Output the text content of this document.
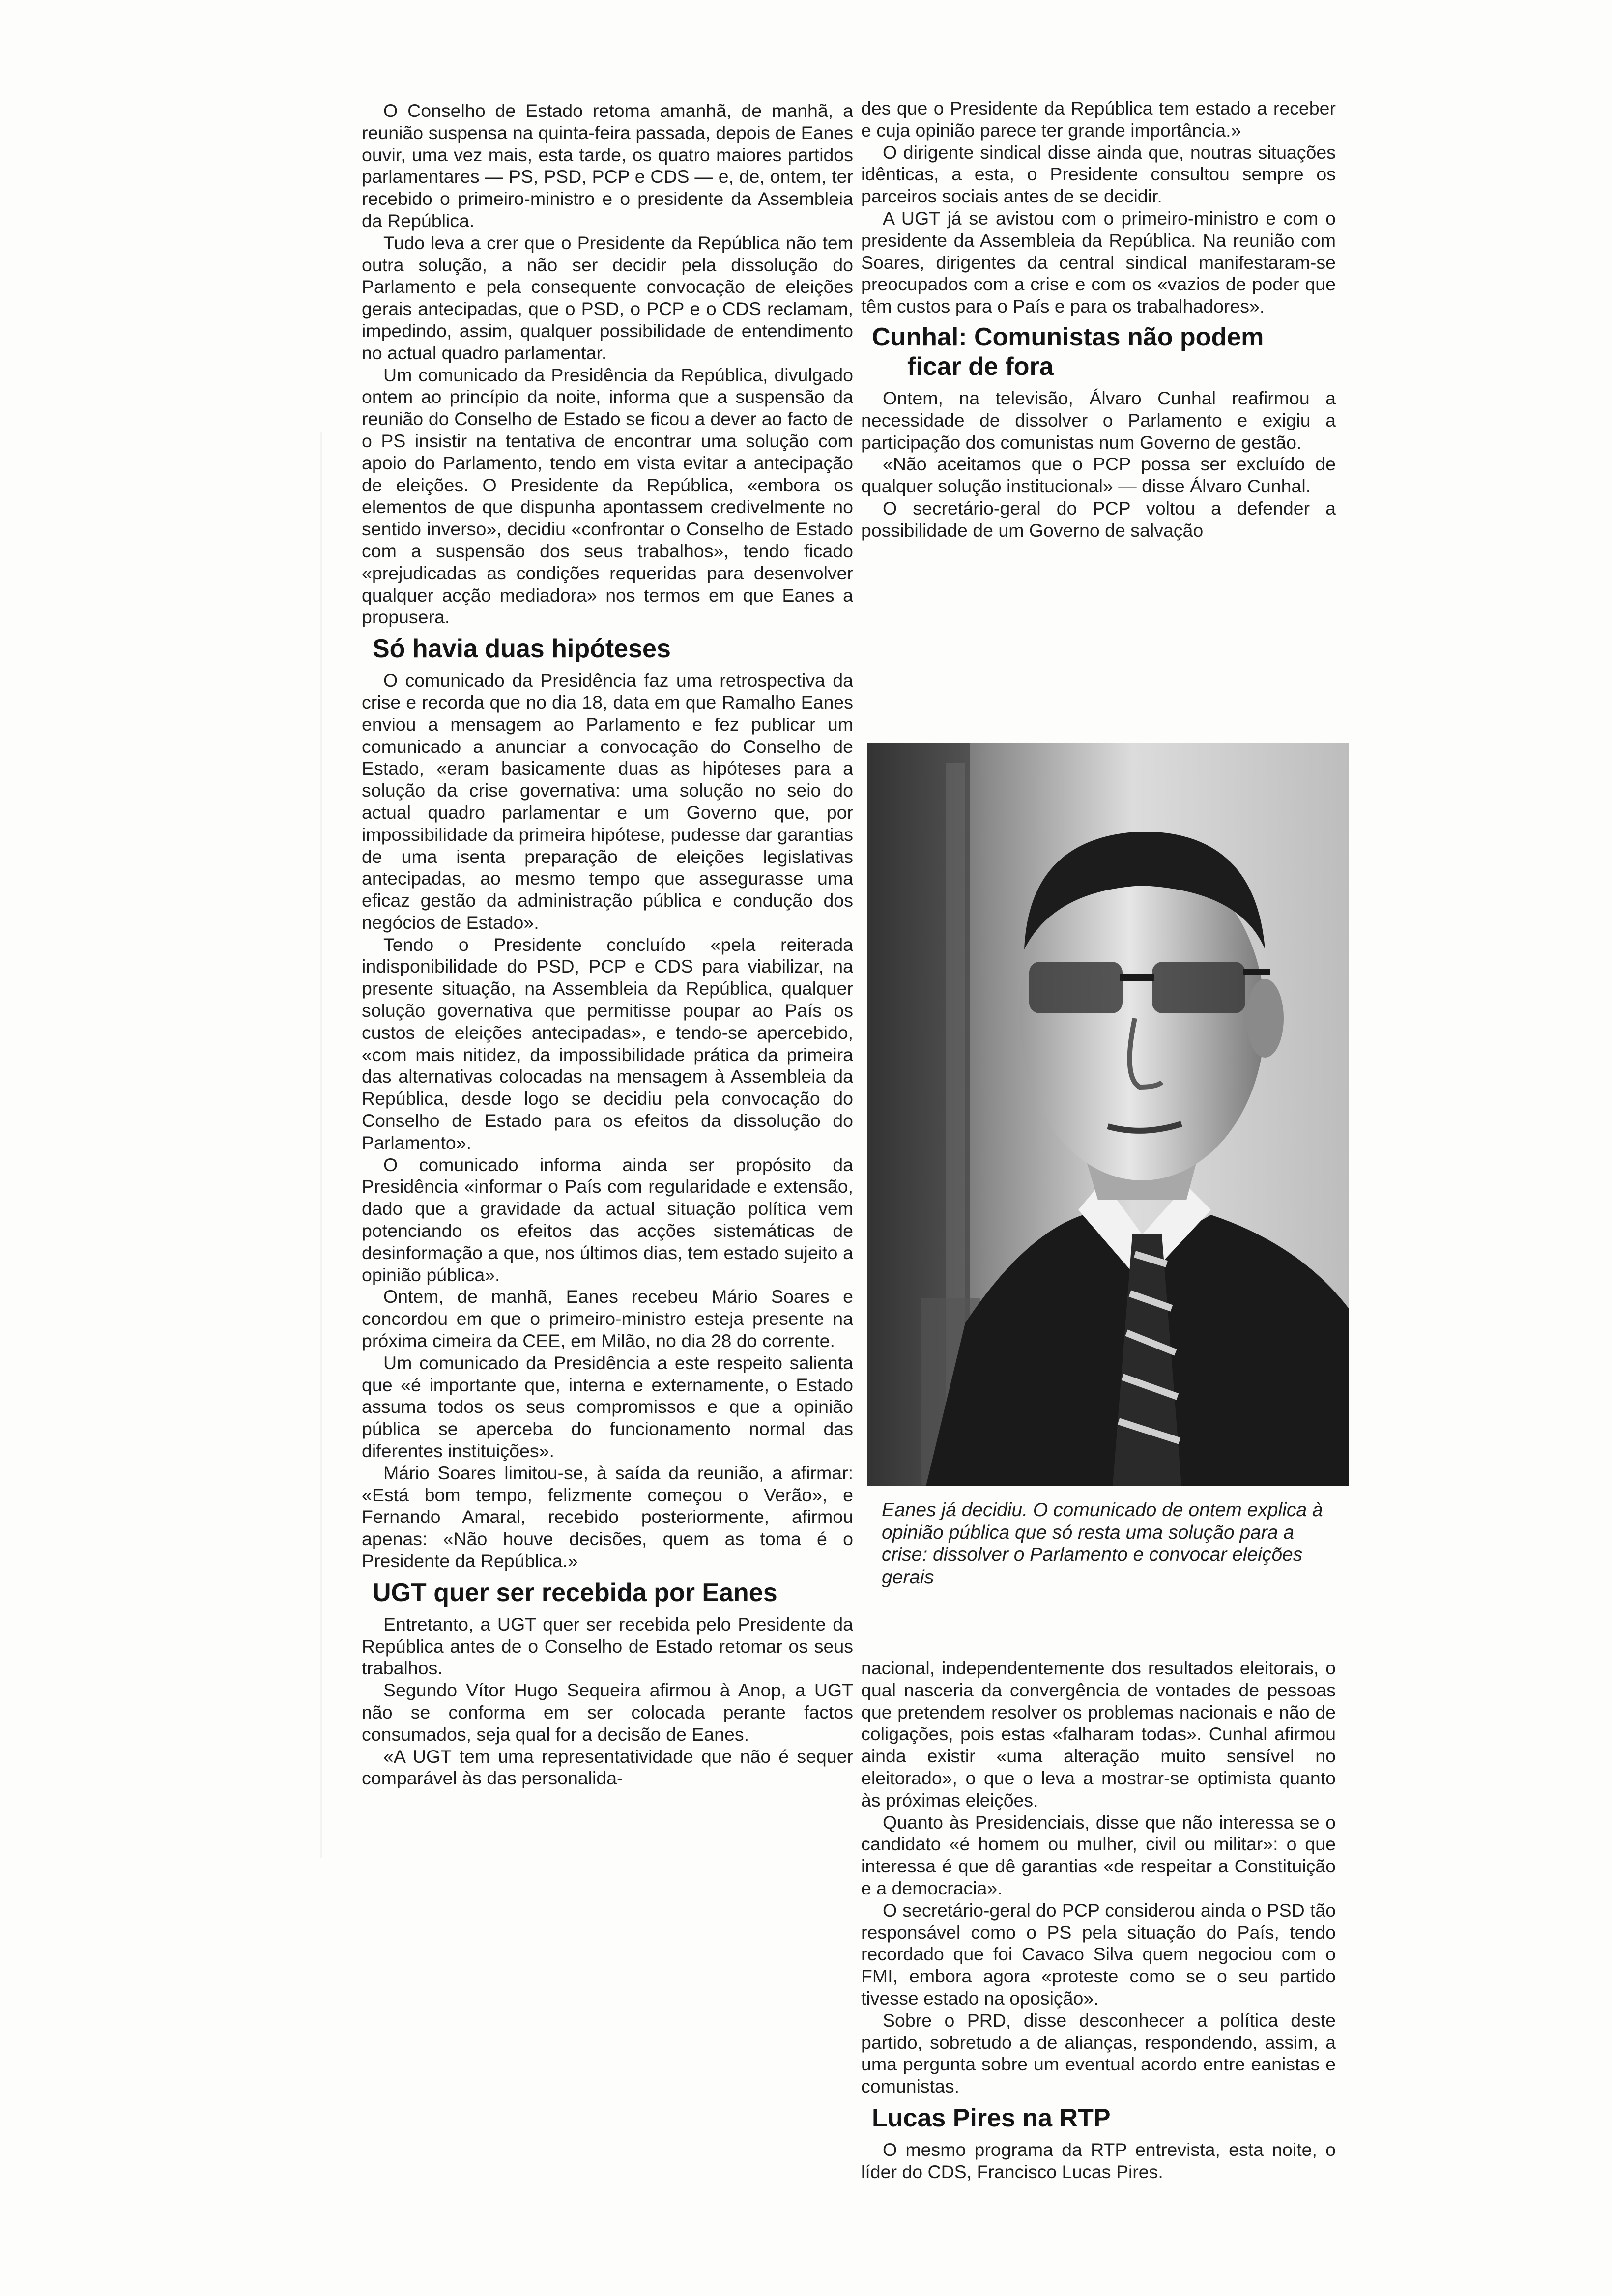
O Conselho de Estado retoma amanhã, de manhã, a reunião suspensa na quinta-feira passada, depois de Eanes ouvir, uma vez mais, esta tarde, os quatro maiores partidos parlamentares — PS, PSD, PCP e CDS — e, de, ontem, ter recebido o primeiro-ministro e o presidente da Assembleia da República.

Tudo leva a crer que o Presidente da República não tem outra solução, a não ser decidir pela dissolução do Parlamento e pela consequente convocação de eleições gerais antecipadas, que o PSD, o PCP e o CDS reclamam, impedindo, assim, qualquer possibilidade de entendimento no actual quadro parlamentar.

Um comunicado da Presidência da República, divulgado ontem ao princípio da noite, informa que a suspensão da reunião do Conselho de Estado se ficou a dever ao facto de o PS insistir na tentativa de encontrar uma solução com apoio do Parlamento, tendo em vista evitar a antecipação de eleições. O Presidente da República, «embora os elementos de que dispunha apontassem credivelmente no sentido inverso», decidiu «confrontar o Conselho de Estado com a suspensão dos seus trabalhos», tendo ficado «prejudicadas as condições requeridas para desenvolver qualquer acção mediadora» nos termos em que Eanes a propusera.

Só havia duas hipóteses

O comunicado da Presidência faz uma retrospectiva da crise e recorda que no dia 18, data em que Ramalho Eanes enviou a mensagem ao Parlamento e fez publicar um comunicado a anunciar a convocação do Conselho de Estado, «eram basicamente duas as hipóteses para a solução da crise governativa: uma solução no seio do actual quadro parlamentar e um Governo que, por impossibilidade da primeira hipótese, pudesse dar garantias de uma isenta preparação de eleições legislativas antecipadas, ao mesmo tempo que assegurasse uma eficaz gestão da administração pública e condução dos negócios de Estado».

Tendo o Presidente concluído «pela reiterada indisponibilidade do PSD, PCP e CDS para viabilizar, na presente situação, na Assembleia da República, qualquer solução governativa que permitisse poupar ao País os custos de eleições antecipadas», e tendo-se apercebido, «com mais nitidez, da impossibilidade prática da primeira das alternativas colocadas na mensagem à Assembleia da República, desde logo se decidiu pela convocação do Conselho de Estado para os efeitos da dissolução do Parlamento».

O comunicado informa ainda ser propósito da Presidência «informar o País com regularidade e extensão, dado que a gravidade da actual situação política vem potenciando os efeitos das acções sistemáticas de desinformação a que, nos últimos dias, tem estado sujeito a opinião pública».

Ontem, de manhã, Eanes recebeu Mário Soares e concordou em que o primeiro-ministro esteja presente na próxima cimeira da CEE, em Milão, no dia 28 do corrente.

Um comunicado da Presidência a este respeito salienta que «é importante que, interna e externamente, o Estado assuma todos os seus compromissos e que a opinião pública se aperceba do funcionamento normal das diferentes instituições».

Mário Soares limitou-se, à saída da reunião, a afirmar: «Está bom tempo, felizmente começou o Verão», e Fernando Amaral, recebido posteriormente, afirmou apenas: «Não houve decisões, quem as toma é o Presidente da República.»

UGT quer ser recebida por Eanes

Entretanto, a UGT quer ser recebida pelo Presidente da República antes de o Conselho de Estado retomar os seus trabalhos.

Segundo Vítor Hugo Sequeira afirmou à Anop, a UGT não se conforma em ser colocada perante factos consumados, seja qual for a decisão de Eanes.

«A UGT tem uma representatividade que não é sequer comparável às das personalida-

des que o Presidente da República tem estado a receber e cuja opinião parece ter grande importância.»

O dirigente sindical disse ainda que, noutras situações idênticas, a esta, o Presidente consultou sempre os parceiros sociais antes de se decidir.

A UGT já se avistou com o primeiro-ministro e com o presidente da Assembleia da República. Na reunião com Soares, dirigentes da central sindical manifestaram-se preocupados com a crise e com os «vazios de poder que têm custos para o País e para os trabalhadores».

Cunhal: Comunistas não podem
ficar de fora

Ontem, na televisão, Álvaro Cunhal reafirmou a necessidade de dissolver o Parlamento e exigiu a participação dos comunistas num Governo de gestão.

«Não aceitamos que o PCP possa ser excluído de qualquer solução institucional» — disse Álvaro Cunhal.

O secretário-geral do PCP voltou a defender a possibilidade de um Governo de salvação

Eanes já decidiu. O comunicado de ontem explica à opinião pública que só resta uma solução para a crise: dissolver o Parlamento e convocar eleições gerais

nacional, independentemente dos resultados eleitorais, o qual nasceria da convergência de vontades de pessoas que pretendem resolver os problemas nacionais e não de coligações, pois estas «falharam todas». Cunhal afirmou ainda existir «uma alteração muito sensível no eleitorado», o que o leva a mostrar-se optimista quanto às próximas eleições.

Quanto às Presidenciais, disse que não interessa se o candidato «é homem ou mulher, civil ou militar»: o que interessa é que dê garantias «de respeitar a Constituição e a democracia».

O secretário-geral do PCP considerou ainda o PSD tão responsável como o PS pela situação do País, tendo recordado que foi Cavaco Silva quem negociou com o FMI, embora agora «proteste como se o seu partido tivesse estado na oposição».

Sobre o PRD, disse desconhecer a política deste partido, sobretudo a de alianças, respondendo, assim, a uma pergunta sobre um eventual acordo entre eanistas e comunistas.

Lucas Pires na RTP

O mesmo programa da RTP entrevista, esta noite, o líder do CDS, Francisco Lucas Pires.
